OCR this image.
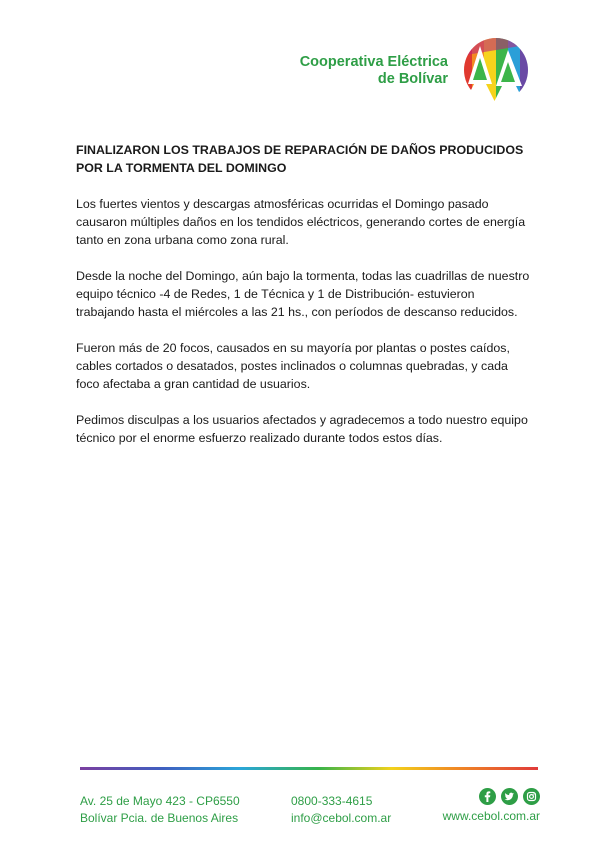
Cooperativa Eléctrica
de Bolívar

FINALIZARON LOS TRABAJOS DE REPARACIÓN DE DAÑOS PRODUCIDOS POR LA TORMENTA DEL DOMINGO

Los fuertes vientos y descargas atmosféricas ocurridas el Domingo pasado causaron múltiples daños en los tendidos eléctricos, generando cortes de energía tanto en zona urbana como zona rural.

Desde la noche del Domingo, aún bajo la tormenta, todas las cuadrillas de nuestro equipo técnico -4 de Redes, 1 de Técnica y 1 de Distribución- estuvieron trabajando hasta el miércoles a las 21 hs., con períodos de descanso reducidos.

Fueron más de 20 focos, causados en su mayoría por plantas o postes caídos, cables cortados o desatados, postes inclinados o columnas quebradas, y cada foco afectaba a gran cantidad de usuarios.

Pedimos disculpas a los usuarios afectados y agradecemos a todo nuestro equipo técnico por el enorme esfuerzo realizado durante todos estos días.

Av. 25 de Mayo 423 - CP6550
Bolívar Pcia. de Buenos Aires
0800-333-4615
info@cebol.com.ar	www.cebol.com.ar
